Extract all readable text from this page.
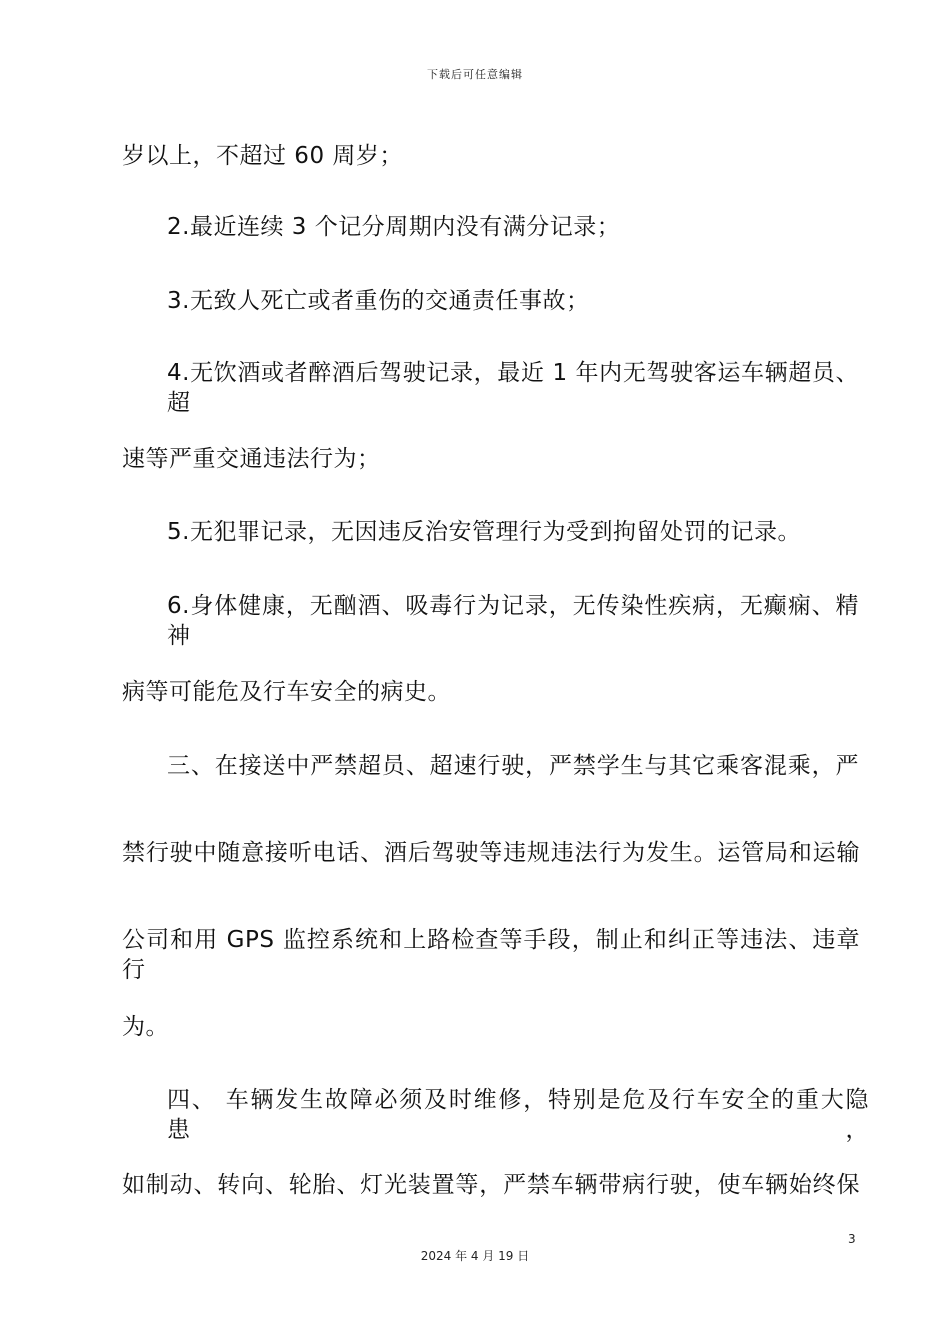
下载后可任意编辑
岁以上，不超过 60 周岁；
2.最近连续 3 个记分周期内没有满分记录；
3.无致人死亡或者重伤的交通责任事故；
4.无饮酒或者醉酒后驾驶记录，最近 1 年内无驾驶客运车辆超员、超
速等严重交通违法行为；
5.无犯罪记录，无因违反治安管理行为受到拘留处罚的记录。
6.身体健康，无酗酒、吸毒行为记录，无传染性疾病，无癫痫、精神
病等可能危及行车安全的病史。
三、在接送中严禁超员、超速行驶，严禁学生与其它乘客混乘，严
禁行驶中随意接听电话、酒后驾驶等违规违法行为发生。运管局和运输
公司和用 GPS 监控系统和上路检查等手段，制止和纠正等违法、违章行
为。
四、 车辆发生故障必须及时维修，特别是危及行车安全的重大隐患，
如制动、转向、轮胎、灯光装置等，严禁车辆带病行驶，使车辆始终保
3
2024 年 4 月 19 日
